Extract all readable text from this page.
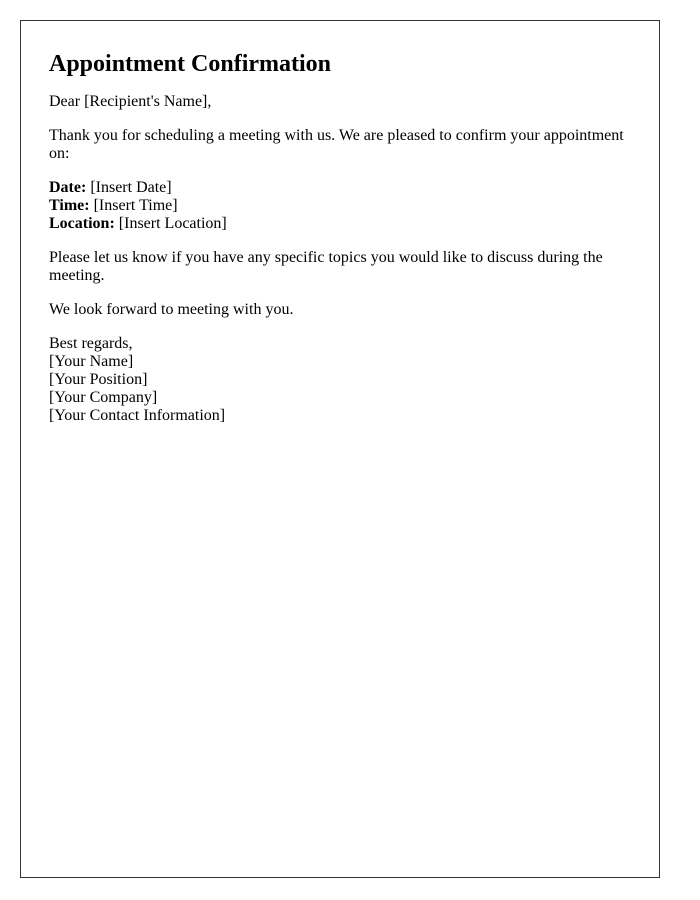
Appointment Confirmation

Dear [Recipient's Name],

Thank you for scheduling a meeting with us. We are pleased to confirm your appointment on:

Date: [Insert Date]
Time: [Insert Time]
Location: [Insert Location]

Please let us know if you have any specific topics you would like to discuss during the meeting.

We look forward to meeting with you.

Best regards,
[Your Name]
[Your Position]
[Your Company]
[Your Contact Information]
